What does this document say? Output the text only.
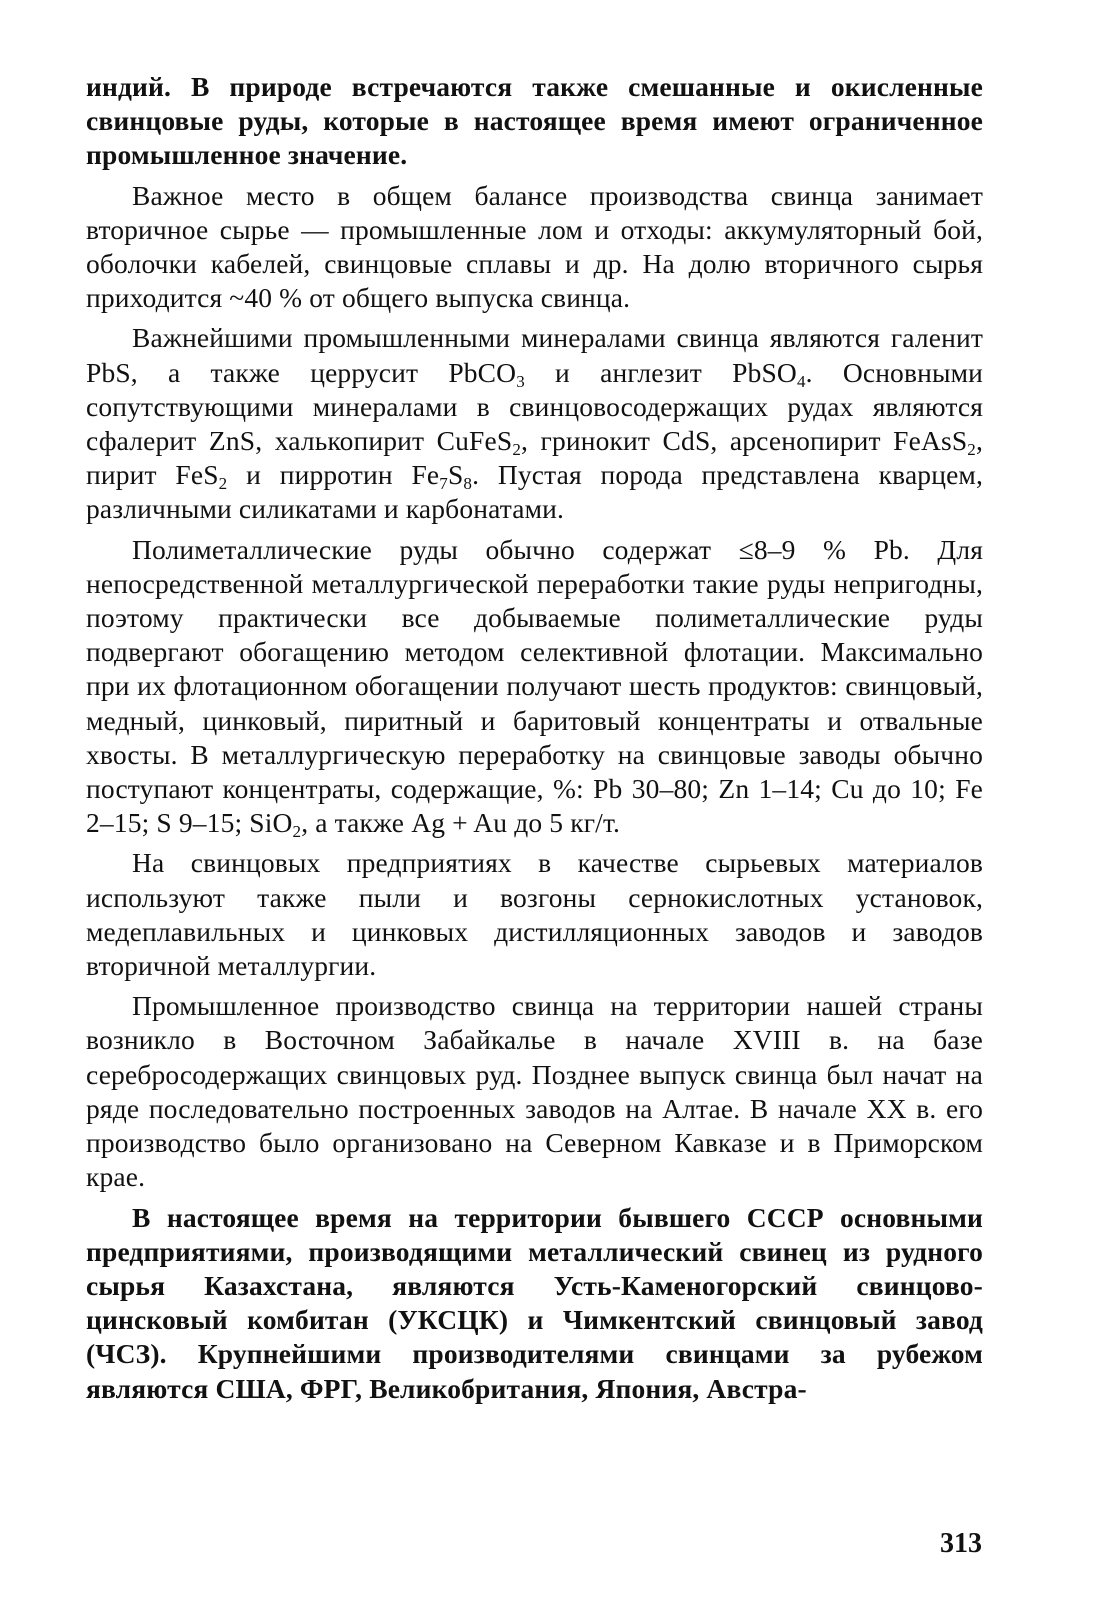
индий. В природе встречаются также смешанные и окисленные свинцовые руды, которые в настоящее время имеют ограниченное промышленное значение.

Важное место в общем балансе производства свинца занимает вторичное сырье — промышленные лом и отходы: аккумуляторный бой, оболочки кабелей, свинцовые сплавы и др. На долю вторичного сырья приходится ~40 % от общего выпуска свинца.

Важнейшими промышленными минералами свинца являются галенит PbS, а также церрусит PbCO$_3$ и англезит PbSO$_4$. Основными сопутствующими минералами в свинцовосодержащих рудах являются сфалерит ZnS, халькопирит CuFeS$_2$, гринокит CdS, арсенопирит FeAsS$_2$, пирит FeS$_2$ и пирротин $Fe_7S_8$. Пустая порода представлена кварцем, различными силикатами и карбонатами.

Полиметаллические руды обычно содержат ≤8–9 % Pb. Для непосредственной металлургической переработки такие руды непригодны, поэтому практически все добываемые полиметаллические руды подвергают обогащению методом селективной флотации. Максимально при их флотационном обогащении получают шесть продуктов: свинцовый, медный, цинковый, пиритный и баритовый концентраты и отвальные хвосты. В металлургическую переработку на свинцовые заводы обычно поступают концентраты, содержащие, %: Pb 30–80; Zn 1–14; Cu до 10; Fe 2–15; S 9–15; SiO$_2$, а также Ag + Au до 5 кг/т.

На свинцовых предприятиях в качестве сырьевых материалов используют также пыли и возгоны сернокислотных установок, медеплавильных и цинковых дистилляционных заводов и заводов вторичной металлургии.

Промышленное производство свинца на территории нашей страны возникло в Восточном Забайкалье в начале XVIII в. на базе серебросодержащих свинцовых руд. Позднее выпуск свинца был начат на ряде последовательно построенных заводов на Алтае. В начале XX в. его производство было организовано на Северном Кавказе и в Приморском крае.

В настоящее время на территории бывшего СССР основными предприятиями, производящими металлический свинец из рудного сырья Казахстана, являются Усть-Каменогорский свинцово-цинсковый комбитан (УКСЦК) и Чимкентский свинцовый завод (ЧСЗ). Крупнейшими производителями свинцами за рубежом являются США, ФРГ, Великобритания, Япония, Австра-

313
